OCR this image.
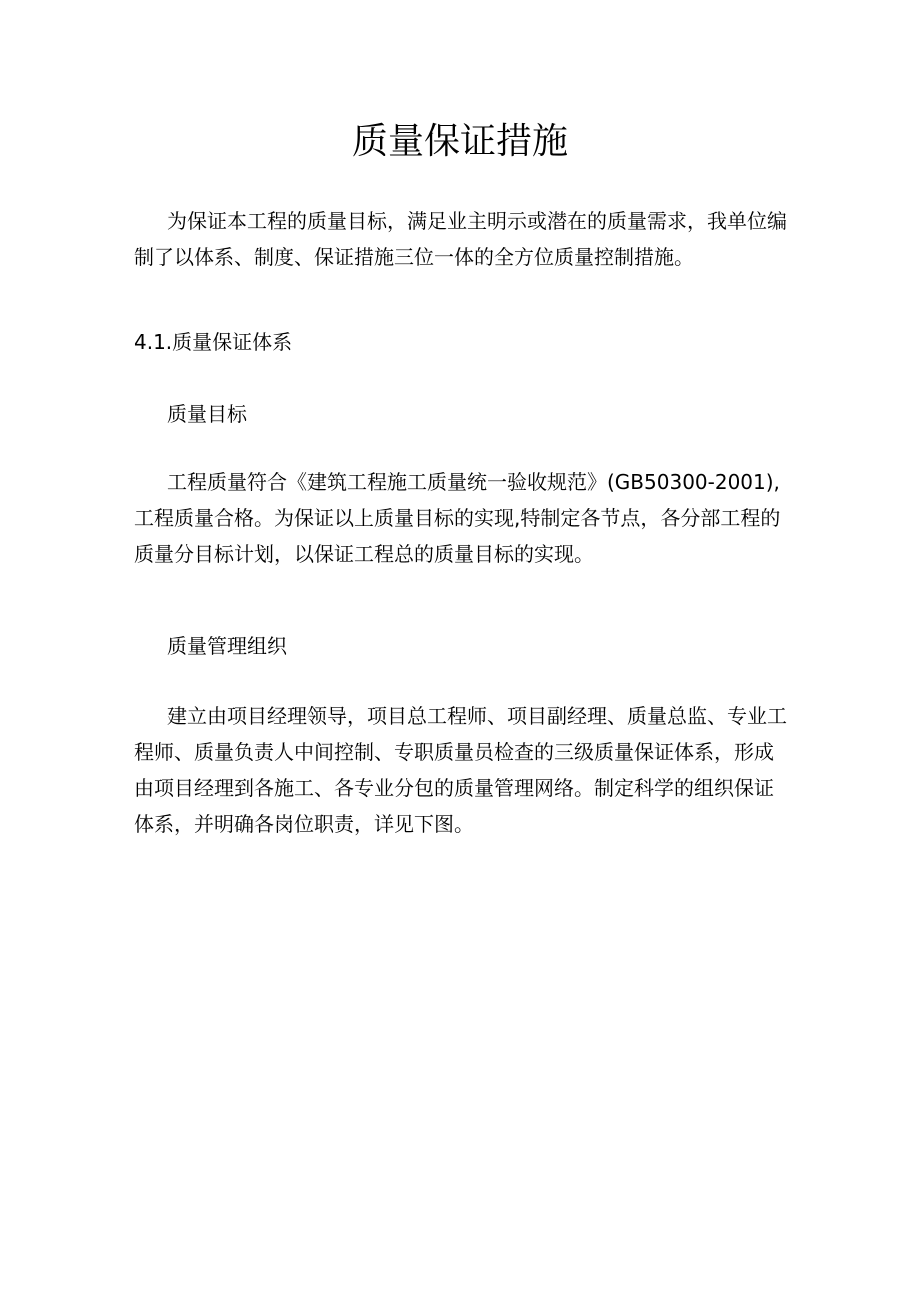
质量保证措施
为保证本工程的质量目标，满足业主明示或潜在的质量需求，我单位编
制了以体系、制度、保证措施三位一体的全方位质量控制措施。
4.1.质量保证体系
质量目标
工程质量符合《建筑工程施工质量统一验收规范》(GB50300-2001),
工程质量合格。为保证以上质量目标的实现,特制定各节点，各分部工程的
质量分目标计划，以保证工程总的质量目标的实现。
质量管理组织
建立由项目经理领导，项目总工程师、项目副经理、质量总监、专业工
程师、质量负责人中间控制、专职质量员检查的三级质量保证体系，形成
由项目经理到各施工、各专业分包的质量管理网络。制定科学的组织保证
体系，并明确各岗位职责，详见下图。
